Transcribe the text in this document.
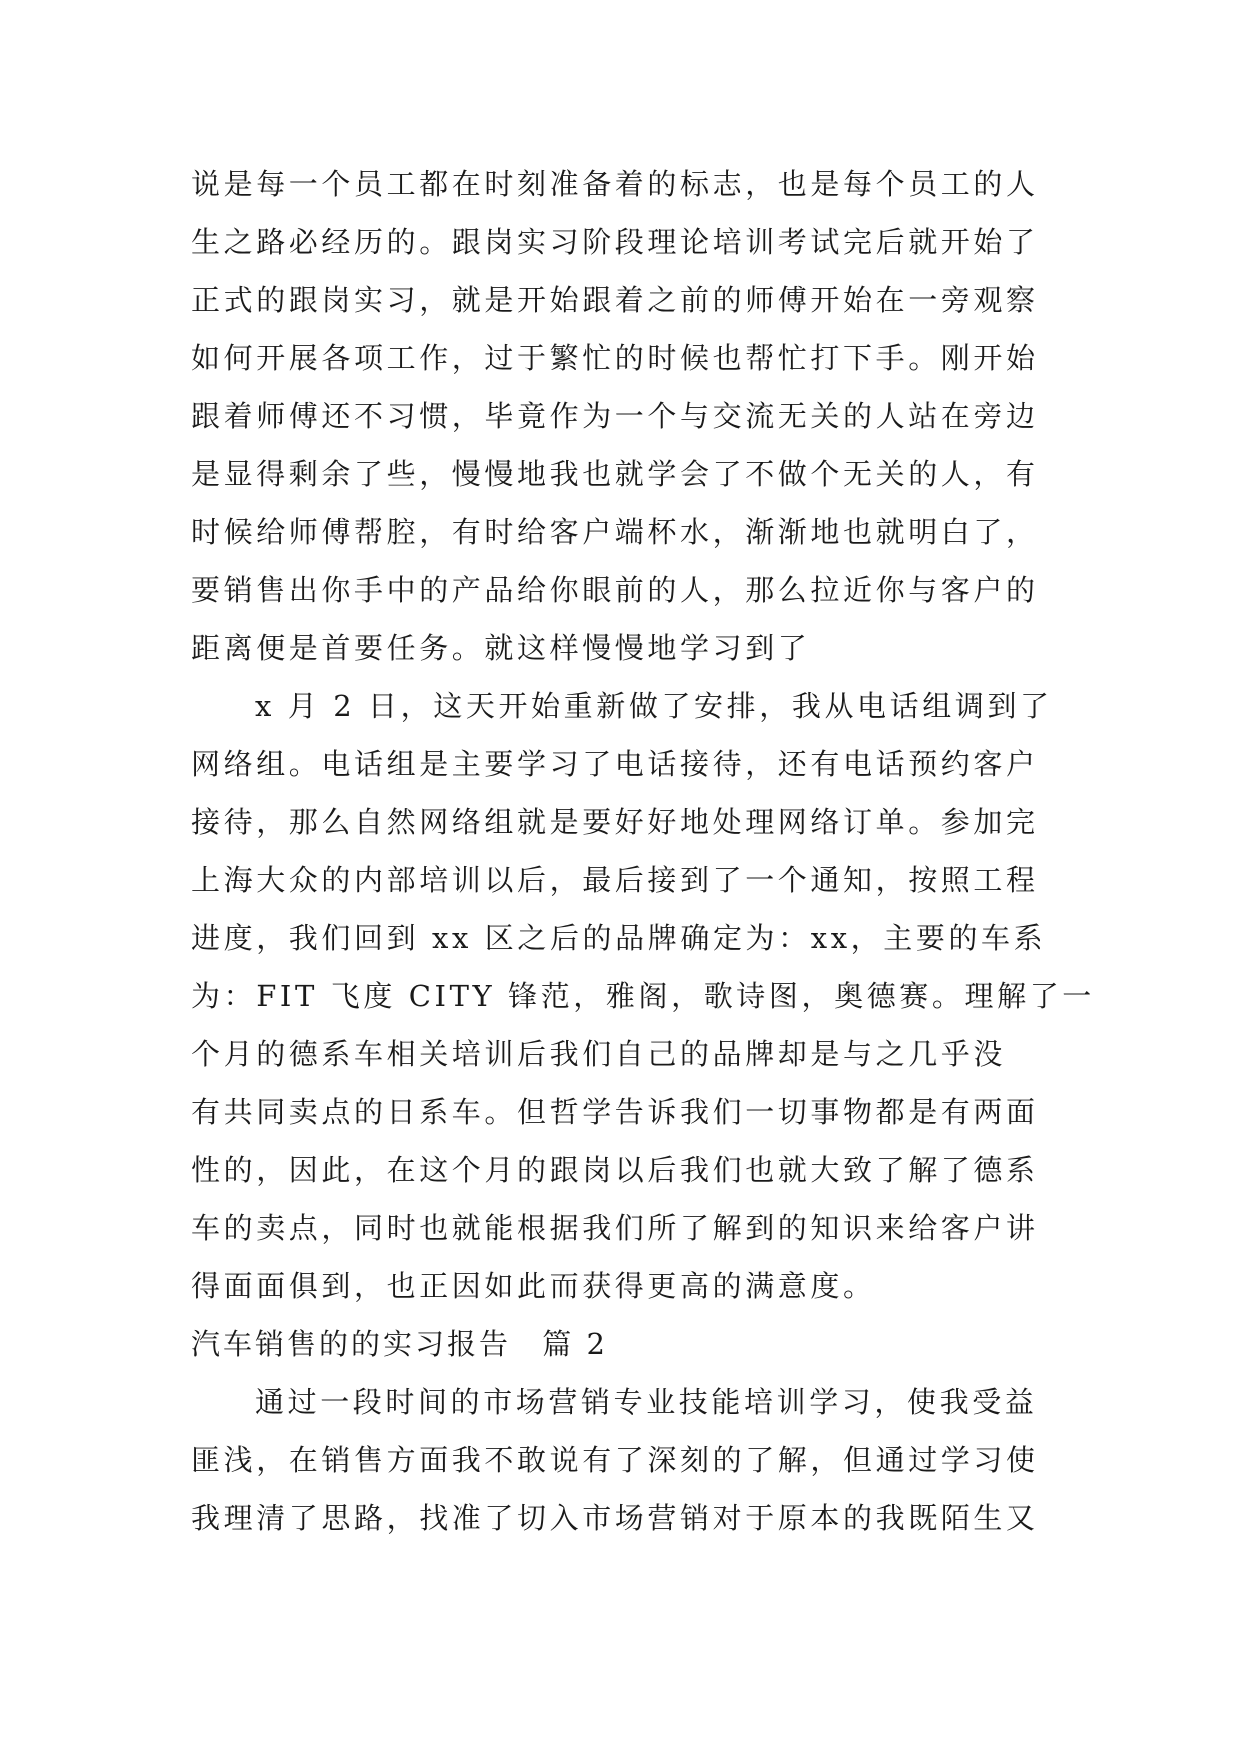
说是每一个员工都在时刻准备着的标志，也是每个员工的人
生之路必经历的。跟岗实习阶段理论培训考试完后就开始了
正式的跟岗实习，就是开始跟着之前的师傅开始在一旁观察
如何开展各项工作，过于繁忙的时候也帮忙打下手。刚开始
跟着师傅还不习惯，毕竟作为一个与交流无关的人站在旁边
是显得剩余了些，慢慢地我也就学会了不做个无关的人，有
时候给师傅帮腔，有时给客户端杯水，渐渐地也就明白了，
要销售出你手中的产品给你眼前的人，那么拉近你与客户的
距离便是首要任务。就这样慢慢地学习到了
x 月 2 日，这天开始重新做了安排，我从电话组调到了
网络组。电话组是主要学习了电话接待，还有电话预约客户
接待，那么自然网络组就是要好好地处理网络订单。参加完
上海大众的内部培训以后，最后接到了一个通知，按照工程
进度，我们回到 xx 区之后的品牌确定为：xx，主要的车系
为：FIT 飞度 CITY 锋范，雅阁，歌诗图，奥德赛。理解了一
个月的德系车相关培训后我们自己的品牌却是与之几乎没
有共同卖点的日系车。但哲学告诉我们一切事物都是有两面
性的，因此，在这个月的跟岗以后我们也就大致了解了德系
车的卖点，同时也就能根据我们所了解到的知识来给客户讲
得面面俱到，也正因如此而获得更高的满意度。
汽车销售的的实习报告 篇 2
通过一段时间的市场营销专业技能培训学习，使我受益
匪浅，在销售方面我不敢说有了深刻的了解，但通过学习使
我理清了思路，找准了切入市场营销对于原本的我既陌生又
